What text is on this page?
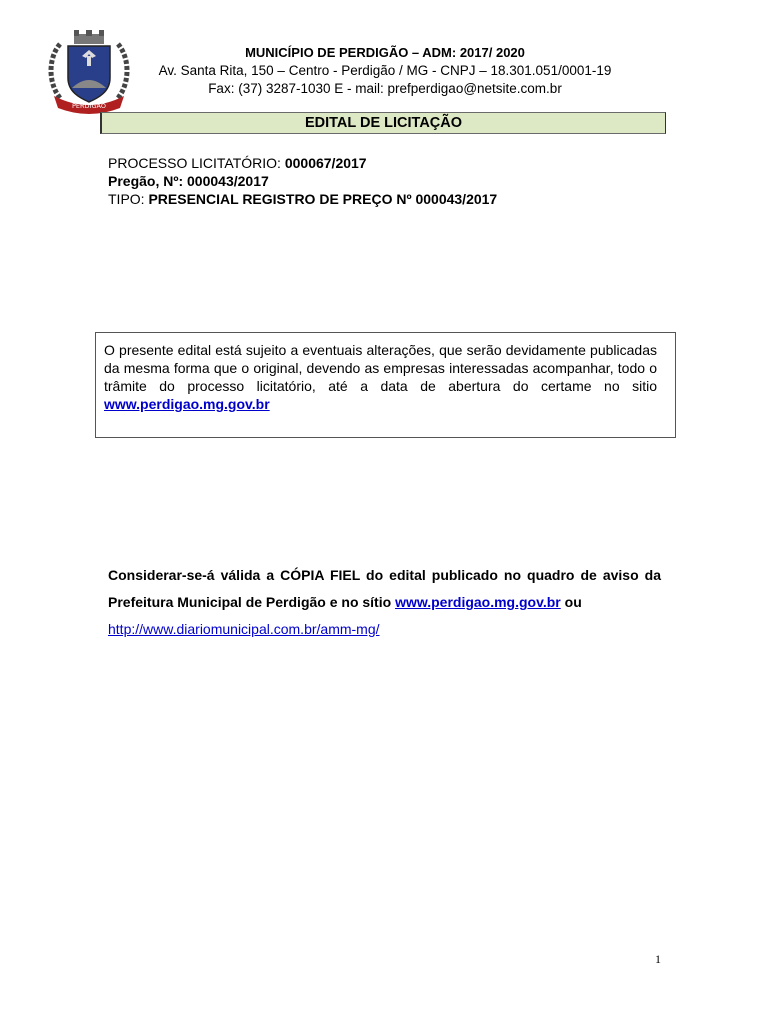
PERDIGÃO
MUNICÍPIO DE PERDIGÃO – ADM: 2017/ 2020
Av. Santa Rita, 150 – Centro - Perdigão / MG - CNPJ – 18.301.051/0001-19
Fax: (37) 3287-1030 E - mail: prefperdigao@netsite.com.br
EDITAL DE LICITAÇÃO
PROCESSO LICITATÓRIO: 000067/2017
Pregão, Nº: 000043/2017
TIPO: PRESENCIAL REGISTRO DE PREÇO Nº 000043/2017
O presente edital está sujeito a eventuais alterações, que serão devidamente publicadas da mesma forma que o original, devendo as empresas interessadas acompanhar, todo o trâmite do processo licitatório, até a data de abertura do certame no sitio www.perdigao.mg.gov.br
Considerar-se-á válida a CÓPIA FIEL do edital publicado no quadro de aviso da Prefeitura Municipal de Perdigão e no sítio www.perdigao.mg.gov.br ou
http://www.diariomunicipal.com.br/amm-mg/
1
